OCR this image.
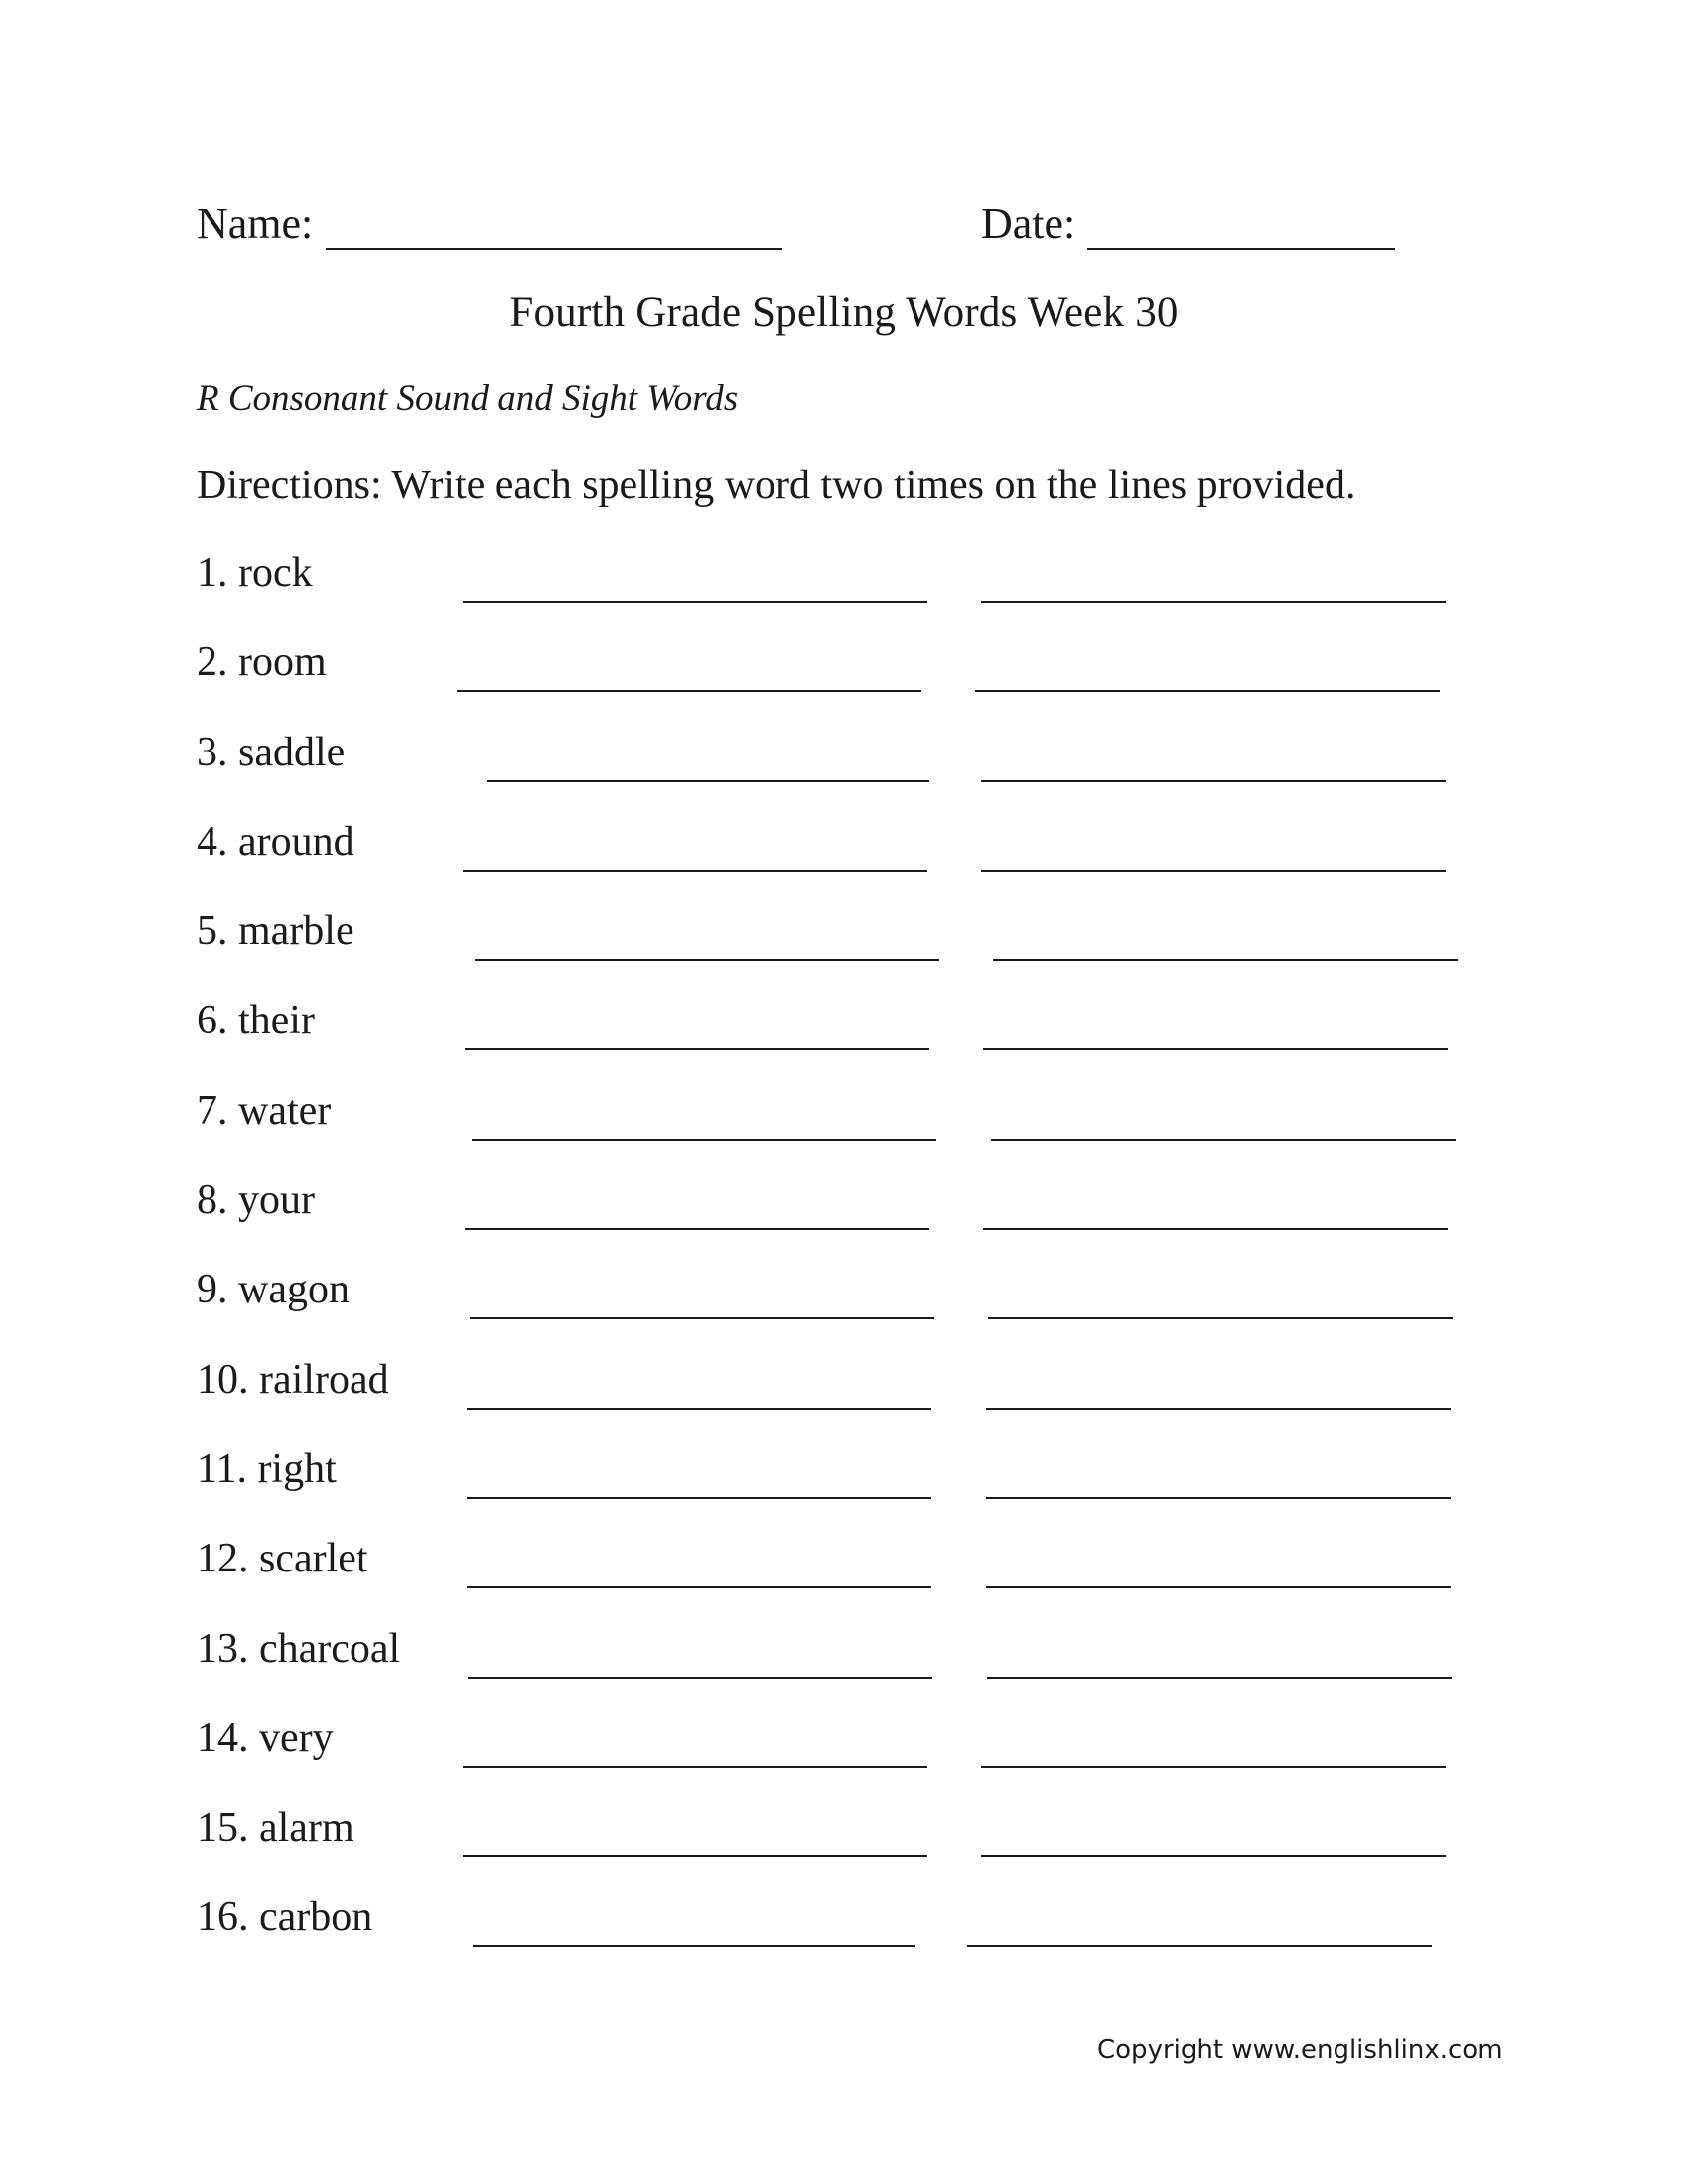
Name:	Date:
Fourth Grade Spelling Words Week 30
R Consonant Sound and Sight Words
Directions: Write each spelling word two times on the lines provided.
1. rock
2. room
3. saddle
4. around
5. marble
6. their
7. water
8. your
9. wagon
10. railroad
11. right
12. scarlet
13. charcoal
14. very
15. alarm
16. carbon
Copyright www.englishlinx.com
